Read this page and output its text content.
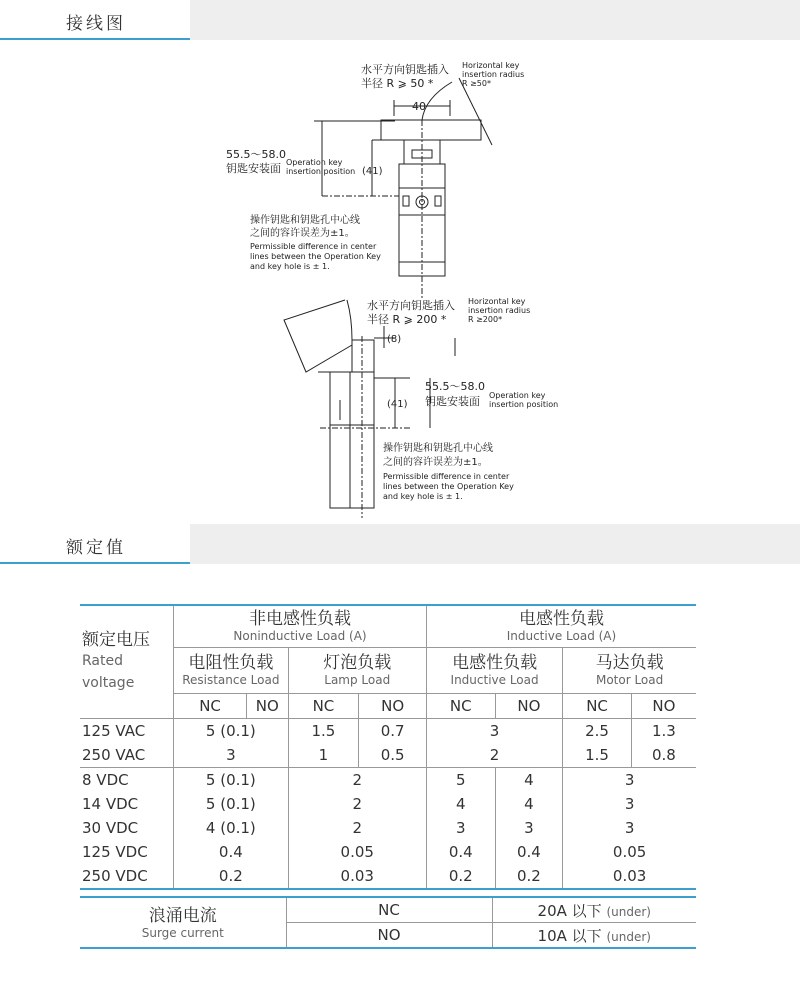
接线图
水平方向钥匙插入
半径 R ⩾ 50 *
Horizontal key
insertion radius
R ≥50*
40
55.5～58.0
钥匙安装面 Operation key
insertion position (41)
操作钥匙和钥匙孔中心线
之间的容许误差为±1。
Permissible difference in center
lines between the Operation Key
and key hole is ± 1.
水平方向钥匙插入
半径 R ⩾ 200 *
Horizontal key
insertion radius
R ≥200*
(8)
55.5～58.0
钥匙安装面 Operation key
insertion position
(41)
操作钥匙和钥匙孔中心线
之间的容许误差为±1。
Permissible difference in center
lines between the Operation Key
and key hole is ± 1.
额定值
额定电压
Rated
voltage	非电感性负载
Noninductive Load (A)				电感性负载
Inductive Load (A)			

	电阻性负载
Resistance Load		灯泡负载
Lamp Load		电感性负载
Inductive Load		马达负载
Motor Load	

	NC	NO	NC	NO	NC	NO	NC	NO
125 VAC	5 (0.1)		1.5	0.7	3		2.5	1.3
250 VAC	3		1	0.5	2		1.5	0.8
8 VDC	5 (0.1)		2		5	4	3	
14 VDC	5 (0.1)		2		4	4	3	
30 VDC	4 (0.1)		2		3	3	3	
125 VDC	0.4		0.05		0.4	0.4	0.05	
250 VDC	0.2		0.03		0.2	0.2	0.03	
浪涌电流
Surge current	NC	20A 以下 (under)
	NO	10A 以下 (under)
